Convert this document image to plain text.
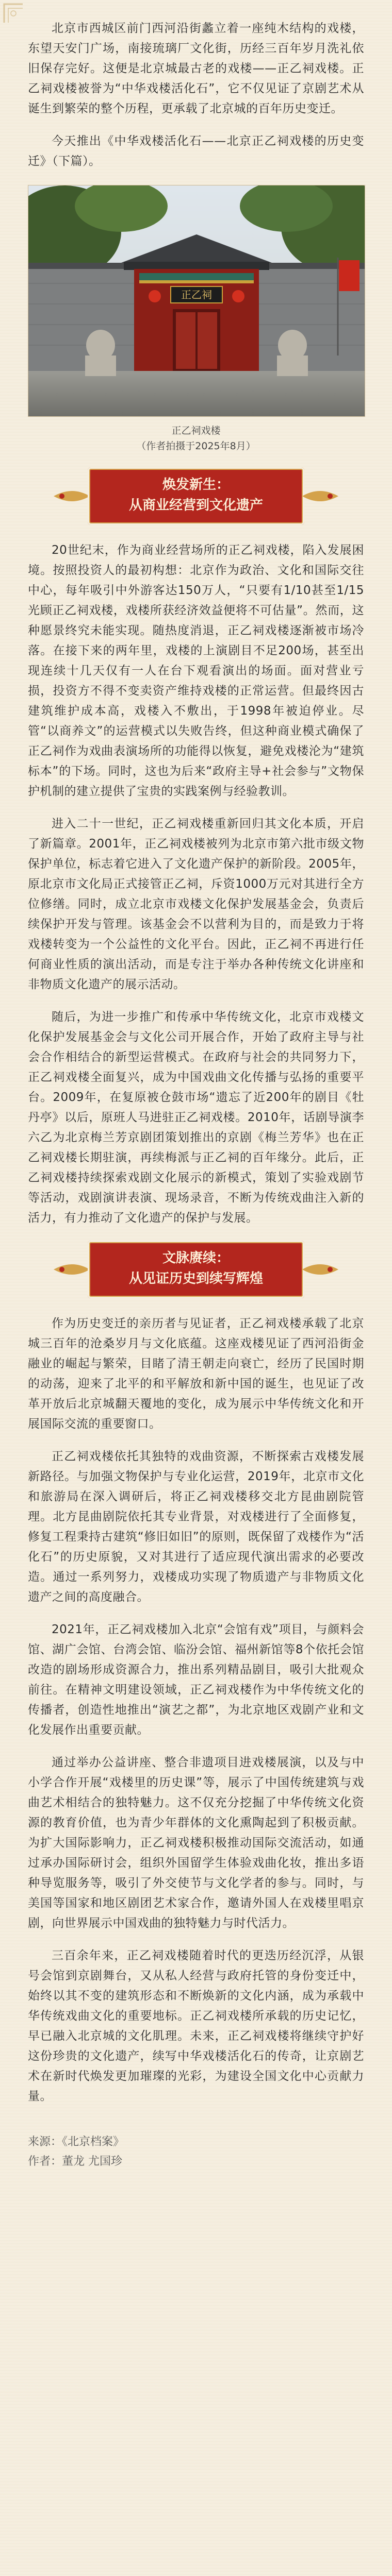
北京市西城区前门西河沿街蠡立着一座纯木结构的戏楼，东望天安门广场，南接琉璃厂文化街，历经三百年岁月洗礼依旧保存完好。这便是北京城最古老的戏楼——正乙祠戏楼。正乙祠戏楼被誉为“中华戏楼活化石”，它不仅见证了京剧艺术从诞生到繁荣的整个历程，更承载了北京城的百年历史变迁。

今天推出《中华戏楼活化石——北京正乙祠戏楼的历史变迁》（下篇）。

正乙祠
正乙祠戏楼
（作者拍摄于2025年8月）
焕发新生：
从商业经营到文化遗产

20世纪末，作为商业经营场所的正乙祠戏楼，陷入发展困境。按照投资人的最初构想：北京作为政治、文化和国际交往中心，每年吸引中外游客达150万人，“只要有1/10甚至1/15光顾正乙祠戏楼，戏楼所获经济效益便将不可估量”。然而，这种愿景终究未能实现。随热度消退，正乙祠戏楼逐渐被市场冷落。在接下来的两年里，戏楼的上演剧目不足200场，甚至出现连续十几天仅有一人在台下观看演出的场面。面对营业亏损，投资方不得不变卖资产维持戏楼的正常运营。但最终因古建筑维护成本高，戏楼入不敷出，于1998年被迫停业。尽管“以商养文”的运营模式以失败告终，但这种商业模式确保了正乙祠作为戏曲表演场所的功能得以恢复，避免戏楼沦为“建筑标本”的下场。同时，这也为后来“政府主导+社会参与”文物保护机制的建立提供了宝贵的实践案例与经验教训。

进入二十一世纪，正乙祠戏楼重新回归其文化本质，开启了新篇章。2001年，正乙祠戏楼被列为北京市第六批市级文物保护单位，标志着它进入了文化遗产保护的新阶段。2005年，原北京市文化局正式接管正乙祠，斥资1000万元对其进行全方位修缮。同时，成立北京市戏楼文化保护发展基金会，负责后续保护开发与管理。该基金会不以营利为目的，而是致力于将戏楼转变为一个公益性的文化平台。因此，正乙祠不再进行任何商业性质的演出活动，而是专注于举办各种传统文化讲座和非物质文化遗产的展示活动。

随后，为进一步推广和传承中华传统文化，北京市戏楼文化保护发展基金会与文化公司开展合作，开始了政府主导与社会合作相结合的新型运营模式。在政府与社会的共同努力下，正乙祠戏楼全面复兴，成为中国戏曲文化传播与弘扬的重要平台。2009年，在复原被仓鼓市场“遗忘了近200年的剧目《牡丹亭》以后，原班人马进驻正乙祠戏楼。2010年，话剧导演李六乙为北京梅兰芳京剧团策划推出的京剧《梅兰芳华》也在正乙祠戏楼长期驻演，再续梅派与正乙祠的百年缘分。此后，正乙祠戏楼持续探索戏剧文化展示的新模式，策划了实验戏剧节等活动，戏剧演讲表演、现场录音，不断为传统戏曲注入新的活力，有力推动了文化遗产的保护与发展。

文脉赓续：
从见证历史到续写辉煌

作为历史变迁的亲历者与见证者，正乙祠戏楼承载了北京城三百年的沧桑岁月与文化底蕴。这座戏楼见证了西河沿街金融业的崛起与繁荣，目睹了清王朝走向衰亡，经历了民国时期的动荡，迎来了北平的和平解放和新中国的诞生，也见证了改革开放后北京城翻天覆地的变化，成为展示中华传统文化和开展国际交流的重要窗口。

正乙祠戏楼依托其独特的戏曲资源，不断探索古戏楼发展新路径。与加强文物保护与专业化运营，2019年，北京市文化和旅游局在深入调研后，将正乙祠戏楼移交北方昆曲剧院管理。北方昆曲剧院依托其专业背景，对戏楼进行了全面修复，修复工程秉持古建筑“修旧如旧”的原则，既保留了戏楼作为“活化石”的历史原貌，又对其进行了适应现代演出需求的必要改造。通过一系列努力，戏楼成功实现了物质遗产与非物质文化遗产之间的高度融合。

2021年，正乙祠戏楼加入北京“会馆有戏”项目，与颜料会馆、湖广会馆、台湾会馆、临汾会馆、福州新馆等8个依托会馆改造的剧场形成资源合力，推出系列精品剧目，吸引大批观众前往。在精神文明建设领域，正乙祠戏楼作为中华传统文化的传播者，创造性地推出“演艺之都”，为北京地区戏剧产业和文化发展作出重要贡献。

通过举办公益讲座、整合非遗项目进戏楼展演，以及与中小学合作开展“戏楼里的历史课”等，展示了中国传统建筑与戏曲艺术相结合的独特魅力。这不仅充分挖掘了中华传统文化资源的教育价值，也为青少年群体的文化熏陶起到了积极贡献。为扩大国际影响力，正乙祠戏楼积极推动国际交流活动，如通过承办国际研讨会，组织外国留学生体验戏曲化妆，推出多语种导览服务等，吸引了外交使节与文化学者的参与。同时，与美国等国家和地区剧团艺术家合作，邀请外国人在戏楼里唱京剧，向世界展示中国戏曲的独特魅力与时代活力。

三百余年来，正乙祠戏楼随着时代的更迭历经沉浮，从银号会馆到京剧舞台，又从私人经营与政府托管的身份变迁中，始终以其不变的建筑形态和不断焕新的文化内涵，成为承载中华传统戏曲文化的重要地标。正乙祠戏楼所承载的历史记忆，早已融入北京城的文化肌理。未来，正乙祠戏楼将继续守护好这份珍贵的文化遗产，续写中华戏楼活化石的传奇，让京剧艺术在新时代焕发更加璀璨的光彩，为建设全国文化中心贡献力量。

来源：《北京档案》
作者：董龙 尤国珍
